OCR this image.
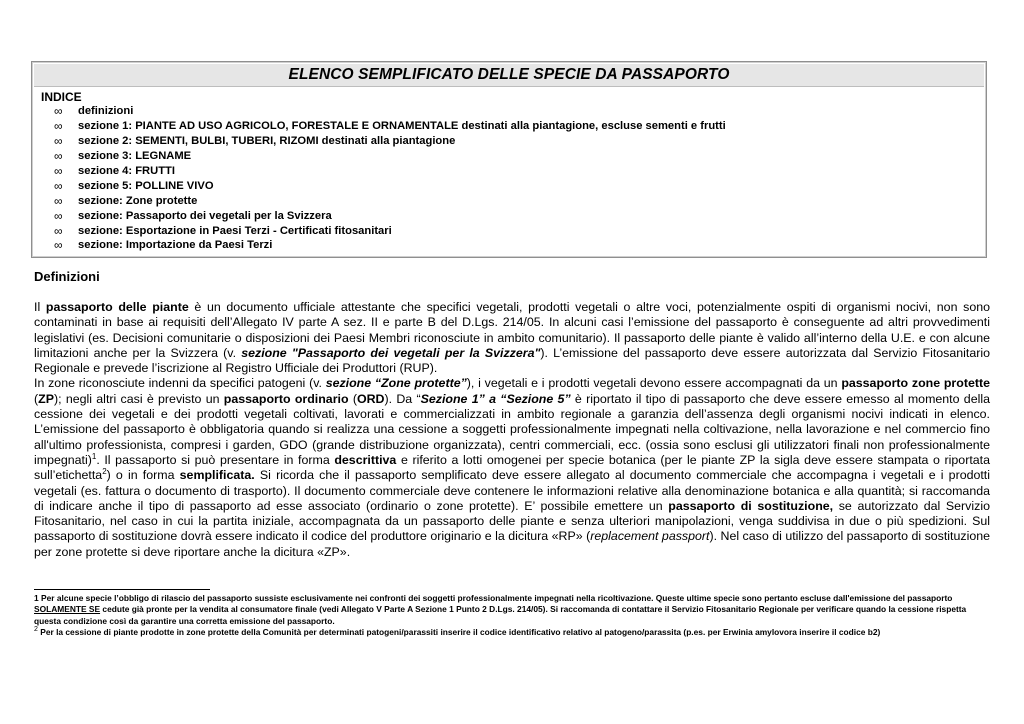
ELENCO SEMPLIFICATO DELLE SPECIE DA PASSAPORTO
INDICE
∞	definizioni
∞	sezione 1: PIANTE AD USO AGRICOLO, FORESTALE E ORNAMENTALE destinati alla piantagione, escluse sementi e frutti
∞	sezione 2: SEMENTI, BULBI, TUBERI, RIZOMI destinati alla piantagione
∞	sezione 3: LEGNAME
∞	sezione 4: FRUTTI
∞	sezione 5: POLLINE VIVO
∞	sezione: Zone protette
∞	sezione: Passaporto dei vegetali per la Svizzera
∞	sezione: Esportazione in Paesi Terzi - Certificati fitosanitari
∞	sezione: Importazione da Paesi Terzi
Definizioni

Il passaporto delle piante è un documento ufficiale attestante che specifici vegetali, prodotti vegetali o altre voci, potenzialmente ospiti di organismi nocivi, non sono contaminati in base ai requisiti dell’Allegato IV parte A sez. II e parte B del D.Lgs. 214/05. In alcuni casi l’emissione del passaporto è conseguente ad altri provvedimenti legislativi (es. Decisioni comunitarie o disposizioni dei Paesi Membri riconosciute in ambito comunitario). Il passaporto delle piante è valido all’interno della U.E. e con alcune limitazioni anche per la Svizzera (v. sezione "Passaporto dei vegetali per la Svizzera"). L’emissione del passaporto deve essere autorizzata dal Servizio Fitosanitario Regionale e prevede l’iscrizione al Registro Ufficiale dei Produttori (RUP).

In zone riconosciute indenni da specifici patogeni (v. sezione “Zone protette”), i vegetali e i prodotti vegetali devono essere accompagnati da un passaporto zone protette (ZP); negli altri casi è previsto un passaporto ordinario (ORD). Da “Sezione 1” a “Sezione 5” è riportato il tipo di passaporto che deve essere emesso al momento della cessione dei vegetali e dei prodotti vegetali coltivati, lavorati e commercializzati in ambito regionale a garanzia dell’assenza degli organismi nocivi indicati in elenco. L’emissione del passaporto è obbligatoria quando si realizza una cessione a soggetti professionalmente impegnati nella coltivazione, nella lavorazione e nel commercio fino all'ultimo professionista, compresi i garden, GDO (grande distribuzione organizzata), centri commerciali, ecc. (ossia sono esclusi gli utilizzatori finali non professionalmente impegnati)$^1$. Il passaporto si può presentare in forma descrittiva e riferito a lotti omogenei per specie botanica (per le piante ZP la sigla deve essere stampata o riportata sull’etichetta$^2$) o in forma semplificata. Si ricorda che il passaporto semplificato deve essere allegato al documento commerciale che accompagna i vegetali e i prodotti vegetali (es. fattura o documento di trasporto). Il documento commerciale deve contenere le informazioni relative alla denominazione botanica e alla quantità; si raccomanda di indicare anche il tipo di passaporto ad esse associato (ordinario o zone protette). E’ possibile emettere un passaporto di sostituzione, se autorizzato dal Servizio Fitosanitario, nel caso in cui la partita iniziale, accompagnata da un passaporto delle piante e senza ulteriori manipolazioni, venga suddivisa in due o più spedizioni. Sul passaporto di sostituzione dovrà essere indicato il codice del produttore originario e la dicitura «RP» (replacement passport). Nel caso di utilizzo del passaporto di sostituzione per zone protette si deve riportare anche la dicitura «ZP».

1 Per alcune specie l’obbligo di rilascio del passaporto sussiste esclusivamente nei confronti dei soggetti professionalmente impegnati nella ricoltivazione. Queste ultime specie sono pertanto escluse dall'emissione del passaporto SOLAMENTE SE cedute già pronte per la vendita al consumatore finale (vedi Allegato V Parte A Sezione 1 Punto 2 D.Lgs. 214/05). Si raccomanda di contattare il Servizio Fitosanitario Regionale per verificare quando la cessione rispetta questa condizione così da garantire una corretta emissione del passaporto.

$^2$ Per la cessione di piante prodotte in zone protette della Comunità per determinati patogeni/parassiti inserire il codice identificativo relativo al patogeno/parassita (p.es. per Erwinia amylovora inserire il codice b2)
